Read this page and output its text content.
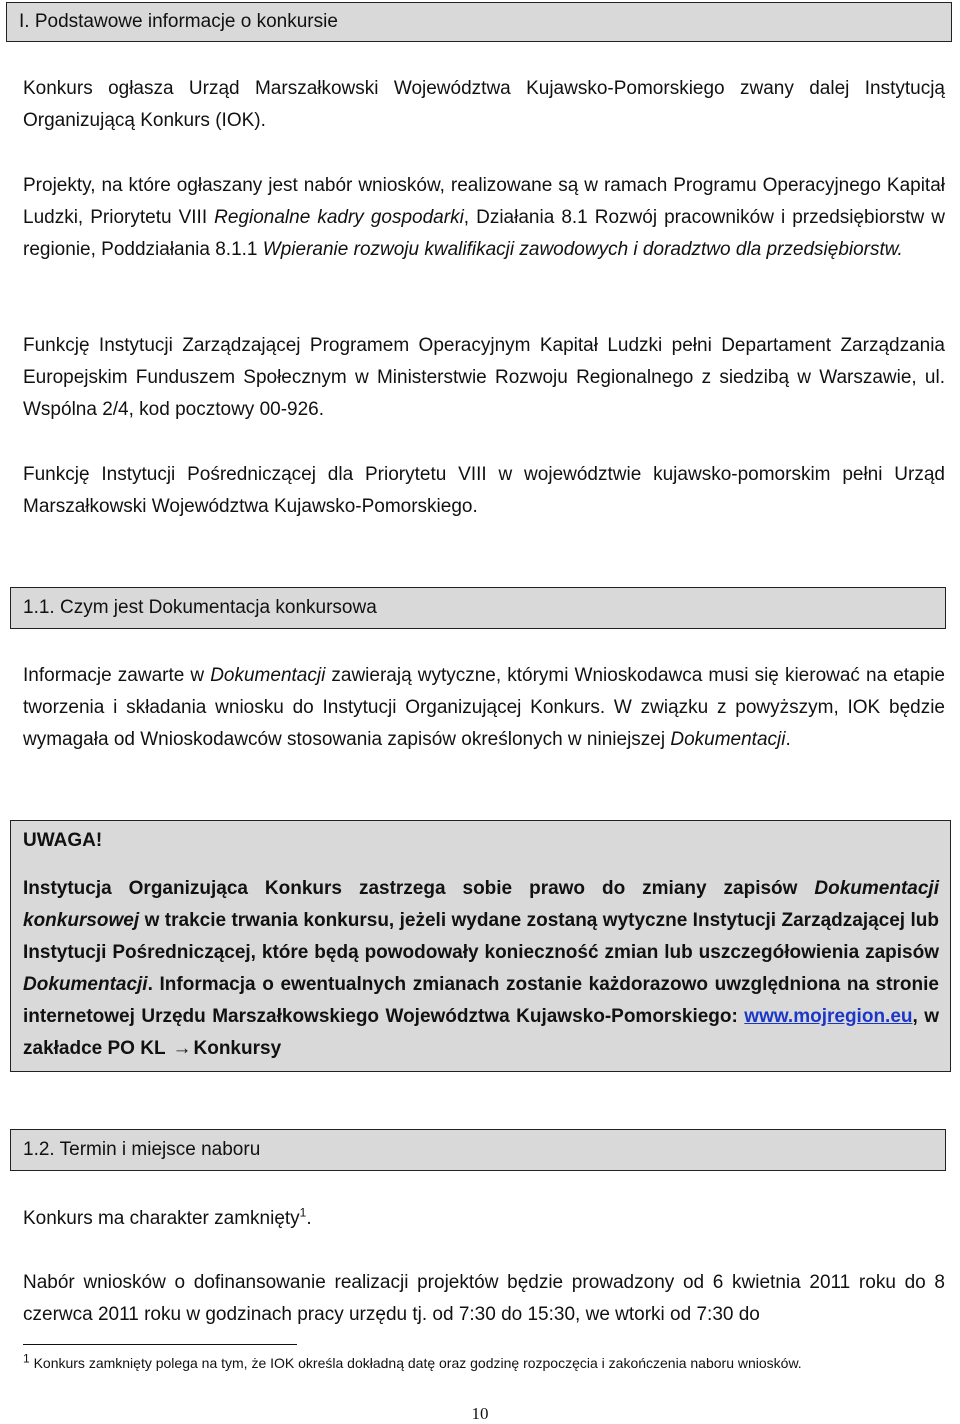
I. Podstawowe informacje o konkursie

Konkurs ogłasza Urząd Marszałkowski Województwa Kujawsko-Pomorskiego zwany dalej Instytucją Organizującą Konkurs (IOK).

Projekty, na które ogłaszany jest nabór wniosków, realizowane są w ramach Programu Operacyjnego Kapitał Ludzki, Priorytetu VIII Regionalne kadry gospodarki, Działania 8.1 Rozwój pracowników i przedsiębiorstw w regionie, Poddziałania 8.1.1 Wpieranie rozwoju kwalifikacji zawodowych i doradztwo dla przedsiębiorstw.

Funkcję Instytucji Zarządzającej Programem Operacyjnym Kapitał Ludzki pełni Departament Zarządzania Europejskim Funduszem Społecznym w Ministerstwie Rozwoju Regionalnego z siedzibą w Warszawie, ul. Wspólna 2/4, kod pocztowy 00-926.

Funkcję Instytucji Pośredniczącej dla Priorytetu VIII w województwie kujawsko-pomorskim pełni Urząd Marszałkowski Województwa Kujawsko-Pomorskiego.

1.1. Czym jest Dokumentacja konkursowa

Informacje zawarte w Dokumentacji zawierają wytyczne, którymi Wnioskodawca musi się kierować na etapie tworzenia i składania wniosku do Instytucji Organizującej Konkurs. W związku z powyższym, IOK będzie wymagała od Wnioskodawców stosowania zapisów określonych w niniejszej Dokumentacji.

UWAGA!

Instytucja Organizująca Konkurs zastrzega sobie prawo do zmiany zapisów Dokumentacji konkursowej w trakcie trwania konkursu, jeżeli wydane zostaną wytyczne Instytucji Zarządzającej lub Instytucji Pośredniczącej, które będą powodowały konieczność zmian lub uszczegółowienia zapisów Dokumentacji. Informacja o ewentualnych zmianach zostanie każdorazowo uwzględniona na stronie internetowej Urzędu Marszałkowskiego Województwa Kujawsko-Pomorskiego: www.mojregion.eu, w zakładce PO KL → Konkursy

1.2. Termin i miejsce naboru

Konkurs ma charakter zamknięty$^1$.

Nabór wniosków o dofinansowanie realizacji projektów będzie prowadzony od 6 kwietnia 2011 roku do 8 czerwca 2011 roku w godzinach pracy urzędu tj. od 7:30 do 15:30, we wtorki od 7:30 do

$^1$ Konkurs zamknięty polega na tym, że IOK określa dokładną datę oraz godzinę rozpoczęcia i zakończenia naboru wniosków.
10
